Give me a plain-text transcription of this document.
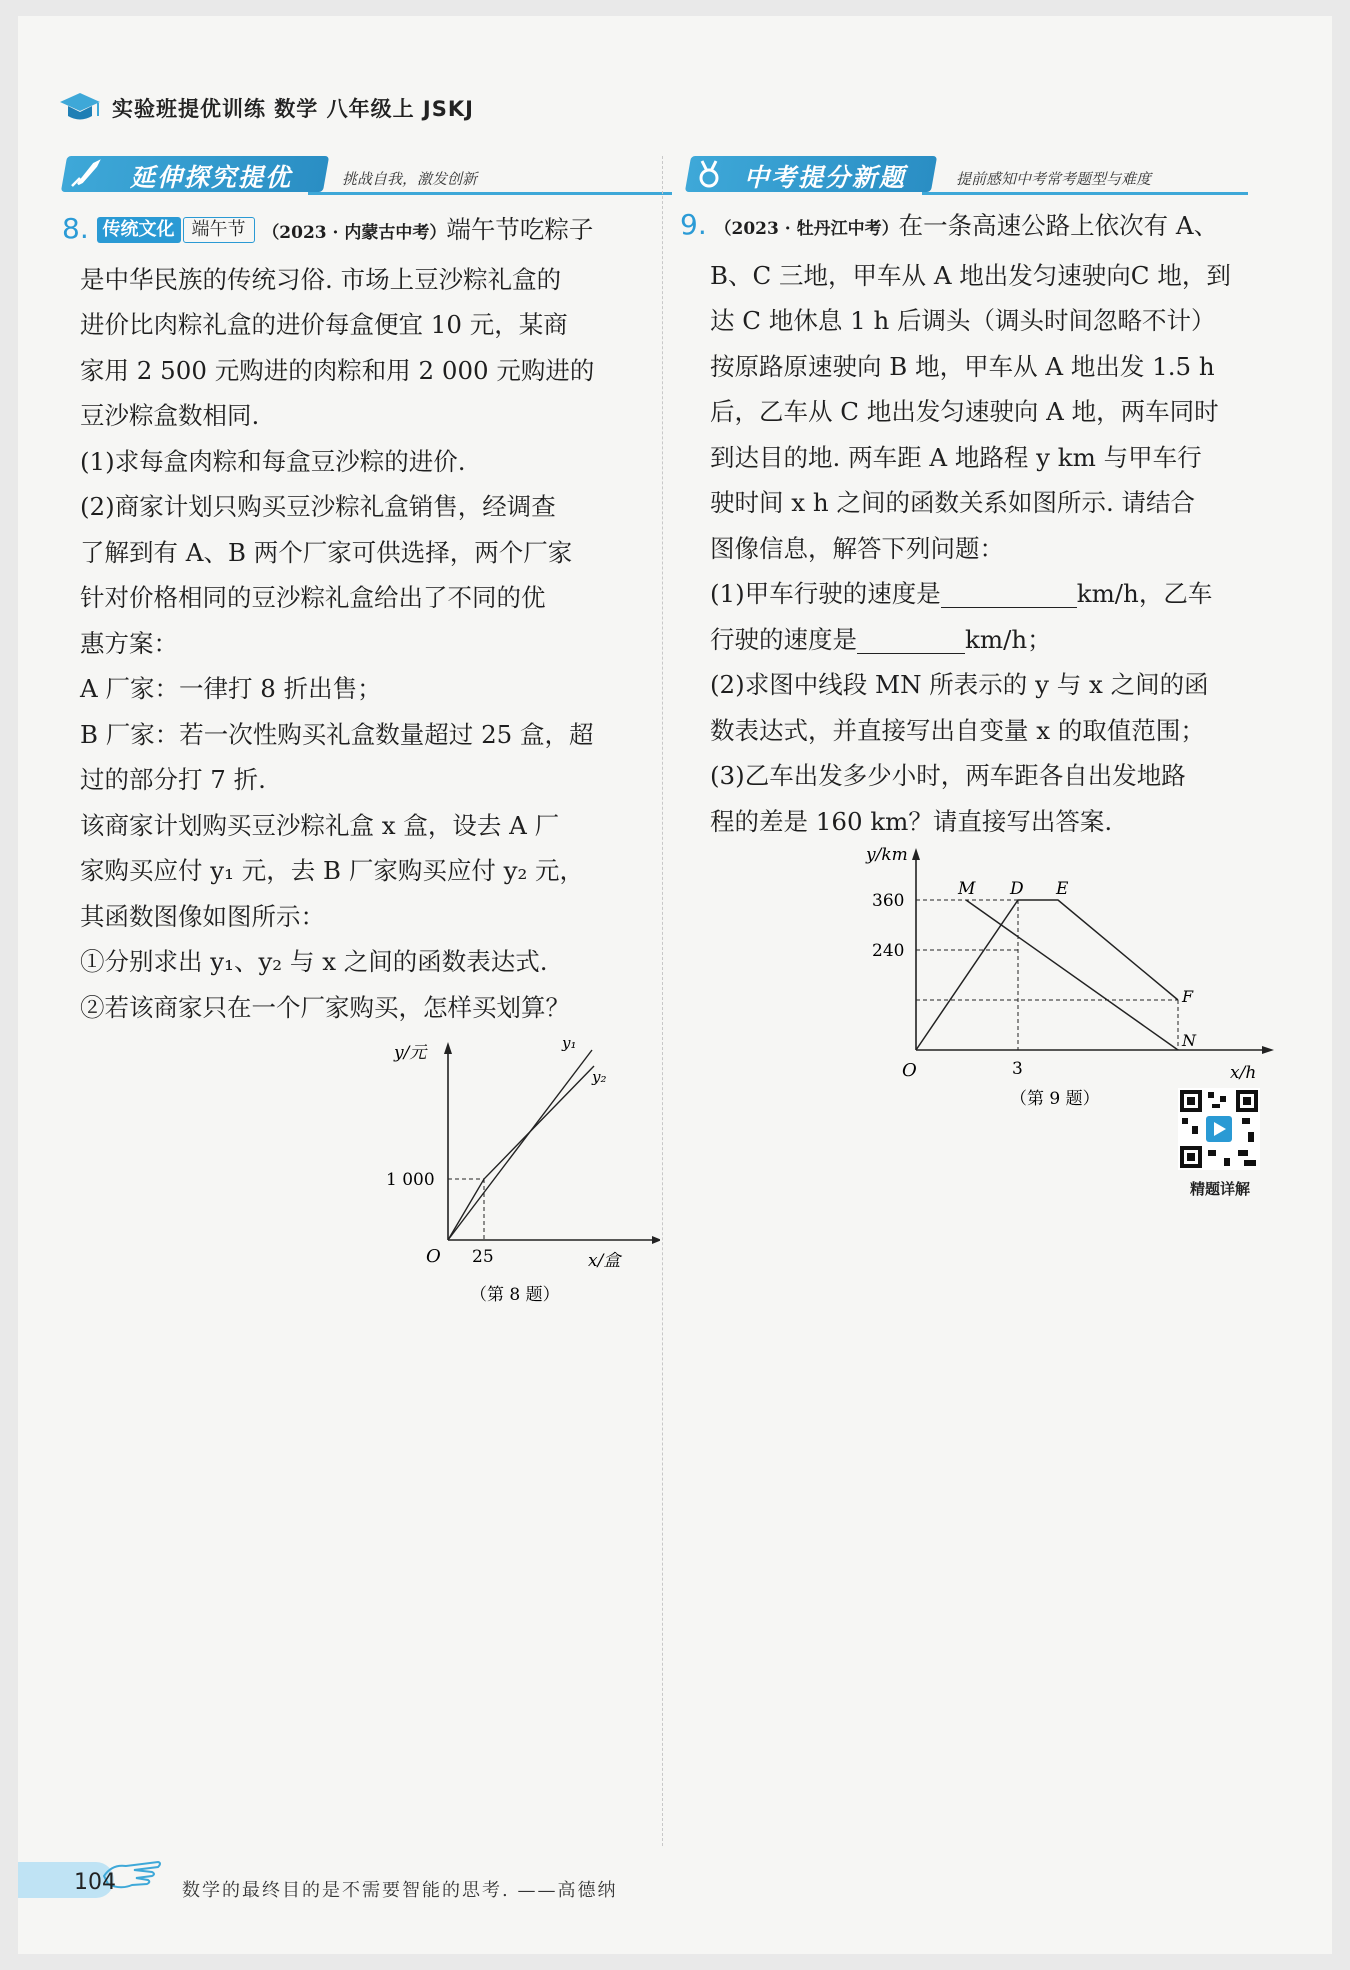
实验班提优训练 数学 八年级上 JSKJ
延伸探究提优	挑战自我，激发创新	中考提分新题	提前感知中考常考题型与难度

8. 传统文化 端午节 （2023 · 内蒙古中考）端午节吃粽子

是中华民族的传统习俗. 市场上豆沙粽礼盒的

进价比肉粽礼盒的进价每盒便宜 10 元，某商

家用 2 500 元购进的肉粽和用 2 000 元购进的

豆沙粽盒数相同.

(1)求每盒肉粽和每盒豆沙粽的进价.

(2)商家计划只购买豆沙粽礼盒销售，经调查

了解到有 A、B 两个厂家可供选择，两个厂家

针对价格相同的豆沙粽礼盒给出了不同的优

惠方案：

A 厂家：一律打 8 折出售；

B 厂家：若一次性购买礼盒数量超过 25 盒，超

过的部分打 7 折.

该商家计划购买豆沙粽礼盒 x 盒，设去 A 厂

家购买应付 y₁ 元，去 B 厂家购买应付 y₂ 元，

其函数图像如图所示：

①分别求出 y₁、y₂ 与 x 之间的函数表达式.

②若该商家只在一个厂家购买，怎样买划算？

y/元
x/盒
O
1 000
25
y₁
y₂
（第 8 题）

9. （2023 · 牡丹江中考）在一条高速公路上依次有 A、

B、C 三地，甲车从 A 地出发匀速驶向C 地，到

达 C 地休息 1 h 后调头（调头时间忽略不计）

按原路原速驶向 B 地，甲车从 A 地出发 1.5 h

后，乙车从 C 地出发匀速驶向 A 地，两车同时

到达目的地. 两车距 A 地路程 y km 与甲车行

驶时间 x h 之间的函数关系如图所示. 请结合

图像信息，解答下列问题：

(1)甲车行驶的速度是	km/h，乙车

行驶的速度是	km/h；

(2)求图中线段 MN 所表示的 y 与 x 之间的函

数表达式，并直接写出自变量 x 的取值范围；

(3)乙车出发多少小时，两车距各自出发地路

程的差是 160 km？请直接写出答案.

y/km
x/h
O
360
240
3
M D E
F
N
（第 9 题）
精题详解
104	数学的最终目的是不需要智能的思考. ——高德纳
